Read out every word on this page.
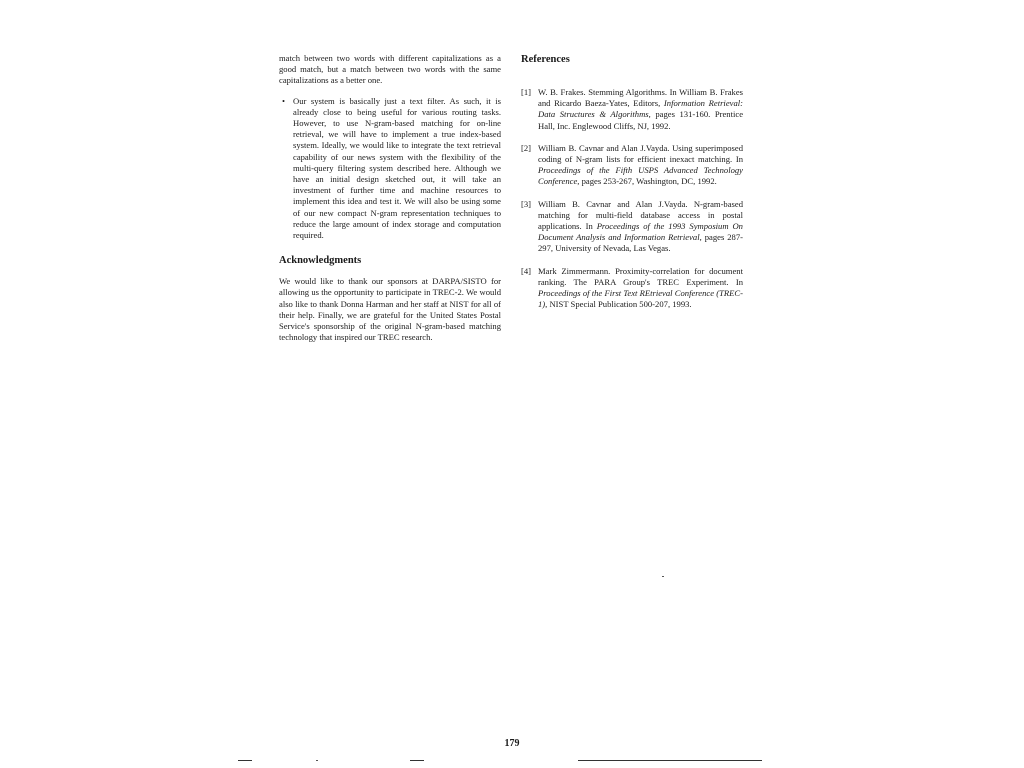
match between two words with different capitalizations as a good match, but a match between two words with the same capitalizations as a better one.

• Our system is basically just a text filter. As such, it is already close to being useful for various routing tasks. However, to use N-gram-based matching for on-line retrieval, we will have to implement a true index-based system. Ideally, we would like to integrate the text retrieval capability of our news system with the flexibility of the multi-query filtering system described here. Although we have an initial design sketched out, it will take an investment of further time and machine resources to implement this idea and test it. We will also be using some of our new compact N-gram representation techniques to reduce the large amount of index storage and computation required.

Acknowledgments

We would like to thank our sponsors at DARPA/SISTO for allowing us the opportunity to participate in TREC-2. We would also like to thank Donna Harman and her staff at NIST for all of their help. Finally, we are grateful for the United States Postal Service's sponsorship of the original N-gram-based matching technology that inspired our TREC research.

References
[1] W. B. Frakes. Stemming Algorithms. In William B. Frakes and Ricardo Baeza-Yates, Editors, Information Retrieval: Data Structures & Algorithms, pages 131-160. Prentice Hall, Inc. Englewood Cliffs, NJ, 1992.
[2] William B. Cavnar and Alan J.Vayda. Using superimposed coding of N-gram lists for efficient inexact matching. In Proceedings of the Fifth USPS Advanced Technology Conference, pages 253-267, Washington, DC, 1992.
[3] William B. Cavnar and Alan J.Vayda. N-gram-based matching for multi-field database access in postal applications. In Proceedings of the 1993 Symposium On Document Analysis and Information Retrieval, pages 287-297, University of Nevada, Las Vegas.
[4] Mark Zimmermann. Proximity-correlation for document ranking. The PARA Group's TREC Experiment. In Proceedings of the First Text REtrieval Conference (TREC-1), NIST Special Publication 500-207, 1993.
179
